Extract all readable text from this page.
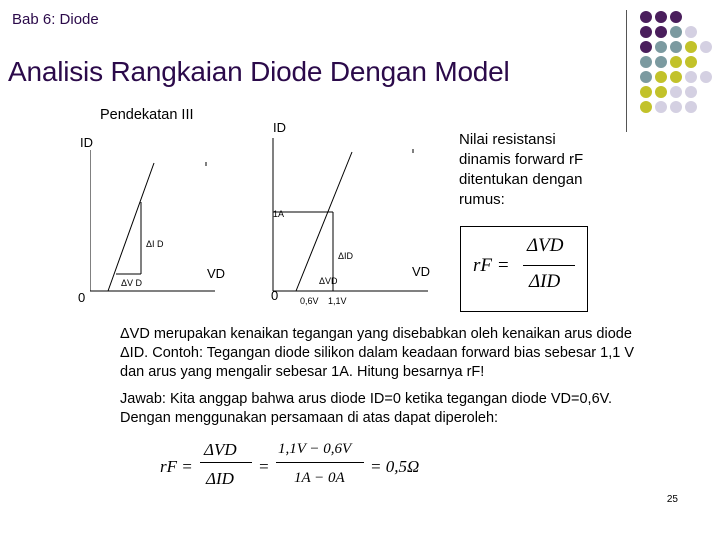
Bab 6: Diode
Analisis Rangkaian Diode Dengan Model
Pendekatan III
ID
VD
0
ΔI D
ΔV D
ID
VD
0
1A
ΔID
ΔVD
0,6V 1,1V
Nilai resistansi
dinamis forward rF
ditentukan dengan
rumus:
ΔVD merupakan kenaikan tegangan yang disebabkan oleh kenaikan arus diode
ΔID. Contoh: Tegangan diode silikon dalam keadaan forward bias sebesar 1,1 V
dan arus yang mengalir sebesar 1A. Hitung besarnya rF!
Jawab: Kita anggap bahwa arus diode ID=0 ketika tegangan diode VD=0,6V.
Dengan menggunakan persamaan di atas dapat diperoleh:
rF =
ΔVD
ΔID
=
1,1V − 0,6V
1A − 0A
= 0,5Ω
rF =
ΔVD
ΔID
25
